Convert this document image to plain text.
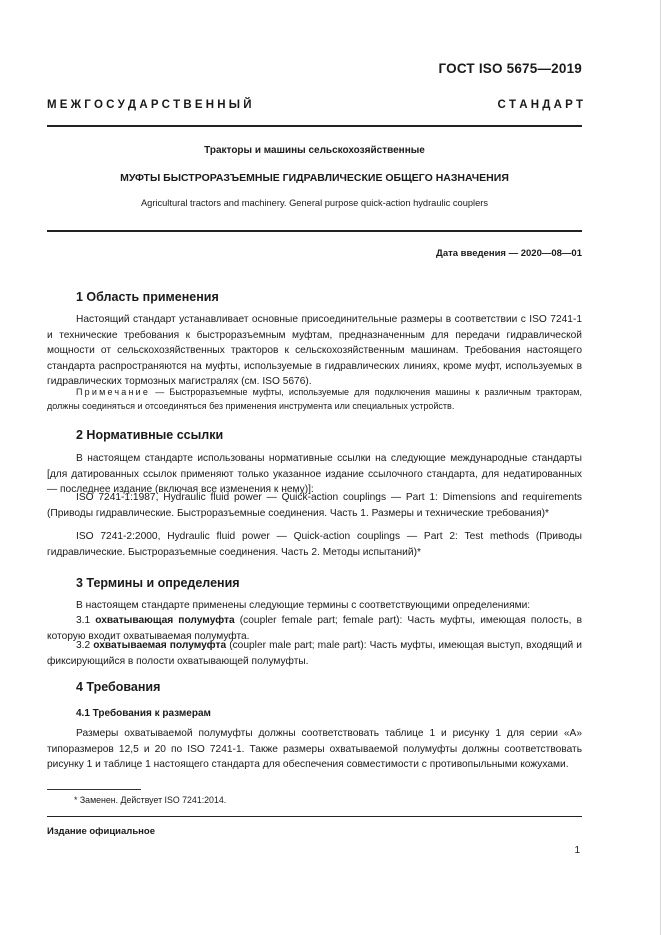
ГОСТ ISO 5675—2019
М Е Ж Г О С У Д А Р С Т В Е Н Н Ы Й	С Т А Н Д А Р Т
Тракторы и машины сельскохозяйственные
МУФТЫ БЫСТРОРАЗЪЕМНЫЕ ГИДРАВЛИЧЕСКИЕ ОБЩЕГО НАЗНАЧЕНИЯ
Agricultural tractors and machinery. General purpose quick-action hydraulic couplers
Дата введения — 2020—08—01
1 Область применения
Настоящий стандарт устанавливает основные присоединительные размеры в соответствии с ISO 7241-1 и технические требования к быстроразъемным муфтам, предназначенным для передачи гидравлической мощности от сельскохозяйственных тракторов к сельскохозяйственным машинам. Требования настоящего стандарта распространяются на муфты, используемые в гидравлических линиях, кроме муфт, используемых в гидравлических тормозных магистралях (см. ISO 5676).
Примечание — Быстроразъемные муфты, используемые для подключения машины к различным тракторам, должны соединяться и отсоединяться без применения инструмента или специальных устройств.
2 Нормативные ссылки
В настоящем стандарте использованы нормативные ссылки на следующие международные стандарты [для датированных ссылок применяют только указанное издание ссылочного стандарта, для недатированных — последнее издание (включая все изменения к нему)]:
ISO 7241-1:1987, Hydraulic fluid power — Quick-action couplings — Part 1: Dimensions and requirements (Приводы гидравлические. Быстроразъемные соединения. Часть 1. Размеры и технические требования)*
ISO 7241-2:2000, Hydraulic fluid power — Quick-action couplings — Part 2: Test methods (Приводы гидравлические. Быстроразъемные соединения. Часть 2. Методы испытаний)*
3 Термины и определения
В настоящем стандарте применены следующие термины с соответствующими определениями:
3.1 охватывающая полумуфта (coupler female part; female part): Часть муфты, имеющая полость, в которую входит охватываемая полумуфта.
3.2 охватываемая полумуфта (coupler male part; male part): Часть муфты, имеющая выступ, входящий и фиксирующийся в полости охватывающей полумуфты.
4 Требования
4.1 Требования к размерам
Размеры охватываемой полумуфты должны соответствовать таблице 1 и рисунку 1 для серии «А» типоразмеров 12,5 и 20 по ISO 7241-1. Также размеры охватываемой полумуфты должны соответствовать рисунку 1 и таблице 1 настоящего стандарта для обеспечения совместимости с противопыльными кожухами.
* Заменен. Действует ISO 7241:2014.
Издание официальное
1
